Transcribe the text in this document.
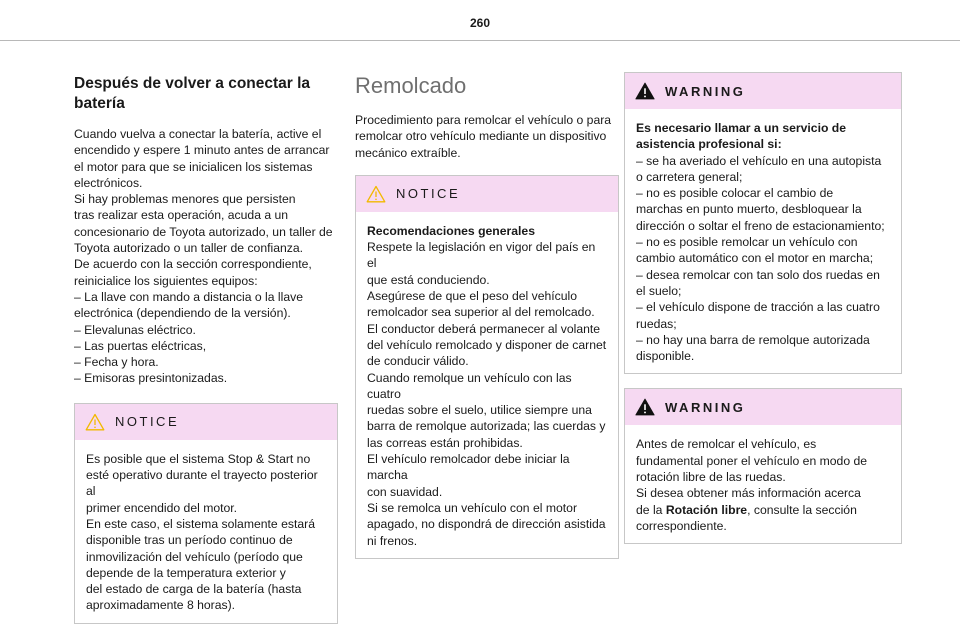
260
Después de volver a conectar la batería

Cuando vuelva a conectar la batería, active el

encendido y espere 1 minuto antes de arrancar

el motor para que se inicialicen los sistemas

electrónicos.

Si hay problemas menores que persisten

tras realizar esta operación, acuda a un

concesionario de Toyota autorizado, un taller de

Toyota autorizado o un taller de confianza.

De acuerdo con la sección correspondiente,

reinicialice los siguientes equipos:

– La llave con mando a distancia o la llave

electrónica (dependiendo de la versión).

– Elevalunas eléctrico.

– Las puertas eléctricas,

– Fecha y hora.

– Emisoras presintonizadas.

NOTICE

Es posible que el sistema Stop & Start no

esté operativo durante el trayecto posterior al

primer encendido del motor.

En este caso, el sistema solamente estará

disponible tras un período continuo de

inmovilización del vehículo (período que

depende de la temperatura exterior y

del estado de carga de la batería (hasta

aproximadamente 8 horas).

Remolcado

Procedimiento para remolcar el vehículo o para

remolcar otro vehículo mediante un dispositivo

mecánico extraíble.

NOTICE

Recomendaciones generales

Respete la legislación en vigor del país en el

que está conduciendo.

Asegúrese de que el peso del vehículo

remolcador sea superior al del remolcado.

El conductor deberá permanecer al volante

del vehículo remolcado y disponer de carnet

de conducir válido.

Cuando remolque un vehículo con las cuatro

ruedas sobre el suelo, utilice siempre una

barra de remolque autorizada; las cuerdas y

las correas están prohibidas.

El vehículo remolcador debe iniciar la marcha

con suavidad.

Si se remolca un vehículo con el motor

apagado, no dispondrá de dirección asistida

ni frenos.

WARNING

Es necesario llamar a un servicio de

asistencia profesional si:

– se ha averiado el vehículo en una autopista

o carretera general;

– no es posible colocar el cambio de

marchas en punto muerto, desbloquear la

dirección o soltar el freno de estacionamiento;

– no es posible remolcar un vehículo con

cambio automático con el motor en marcha;

– desea remolcar con tan solo dos ruedas en

el suelo;

– el vehículo dispone de tracción a las cuatro

ruedas;

– no hay una barra de remolque autorizada

disponible.

WARNING

Antes de remolcar el vehículo, es

fundamental poner el vehículo en modo de

rotación libre de las ruedas.

Si desea obtener más información acerca

de la Rotación libre, consulte la sección

correspondiente.
